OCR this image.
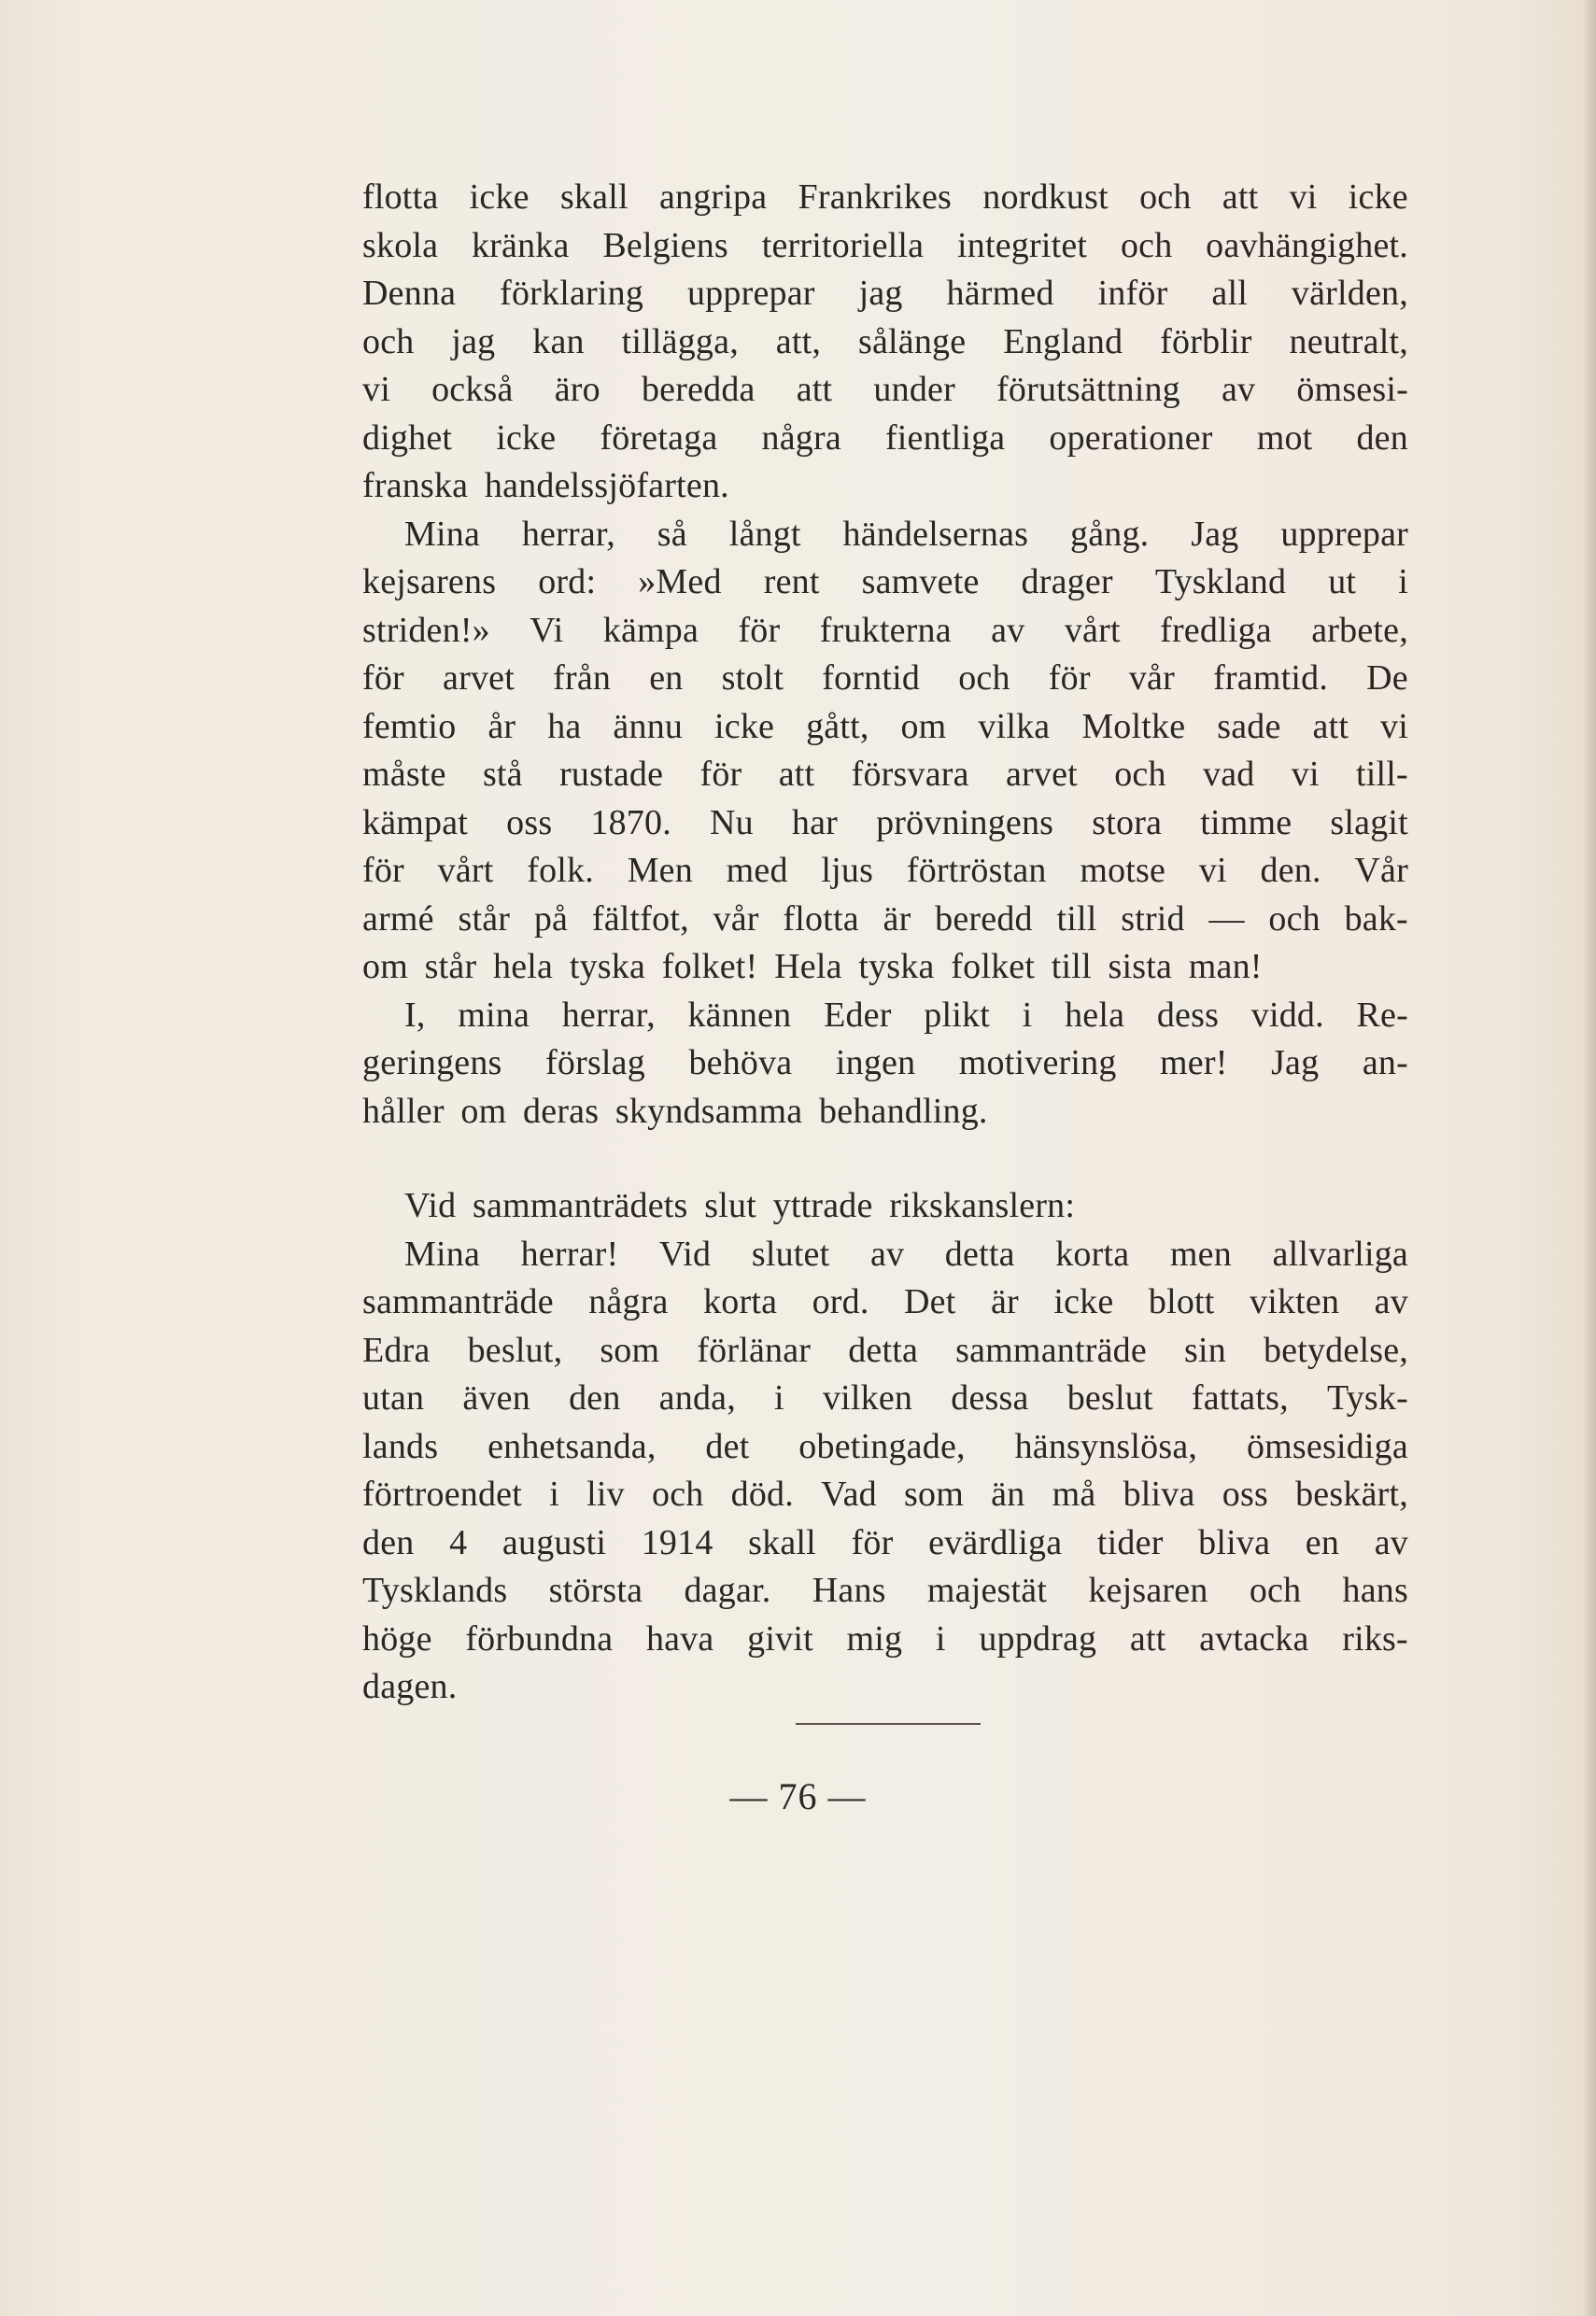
flotta icke skall angripa Frankrikes nordkust och att vi icke
skola kränka Belgiens territoriella integritet och oavhängighet.
Denna förklaring upprepar jag härmed inför all världen,
och jag kan tillägga, att, sålänge England förblir neutralt,
vi också äro beredda att under förutsättning av ömsesi-
dighet icke företaga några fientliga operationer mot den
franska handelssjöfarten.
Mina herrar, så långt händelsernas gång. Jag upprepar
kejsarens ord: »Med rent samvete drager Tyskland ut i
striden!» Vi kämpa för frukterna av vårt fredliga arbete,
för arvet från en stolt forntid och för vår framtid. De
femtio år ha ännu icke gått, om vilka Moltke sade att vi
måste stå rustade för att försvara arvet och vad vi till-
kämpat oss 1870. Nu har prövningens stora timme slagit
för vårt folk. Men med ljus förtröstan motse vi den. Vår
armé står på fältfot, vår flotta är beredd till strid — och bak-
om står hela tyska folket! Hela tyska folket till sista man!
I, mina herrar, kännen Eder plikt i hela dess vidd. Re-
geringens förslag behöva ingen motivering mer! Jag an-
håller om deras skyndsamma behandling.
Vid sammanträdets slut yttrade rikskanslern:
Mina herrar! Vid slutet av detta korta men allvarliga
sammanträde några korta ord. Det är icke blott vikten av
Edra beslut, som förlänar detta sammanträde sin betydelse,
utan även den anda, i vilken dessa beslut fattats, Tysk-
lands enhetsanda, det obetingade, hänsynslösa, ömsesidiga
förtroendet i liv och död. Vad som än må bliva oss beskärt,
den 4 augusti 1914 skall för evärdliga tider bliva en av
Tysklands största dagar. Hans majestät kejsaren och hans
höge förbundna hava givit mig i uppdrag att avtacka riks-
dagen.
— 76 —
